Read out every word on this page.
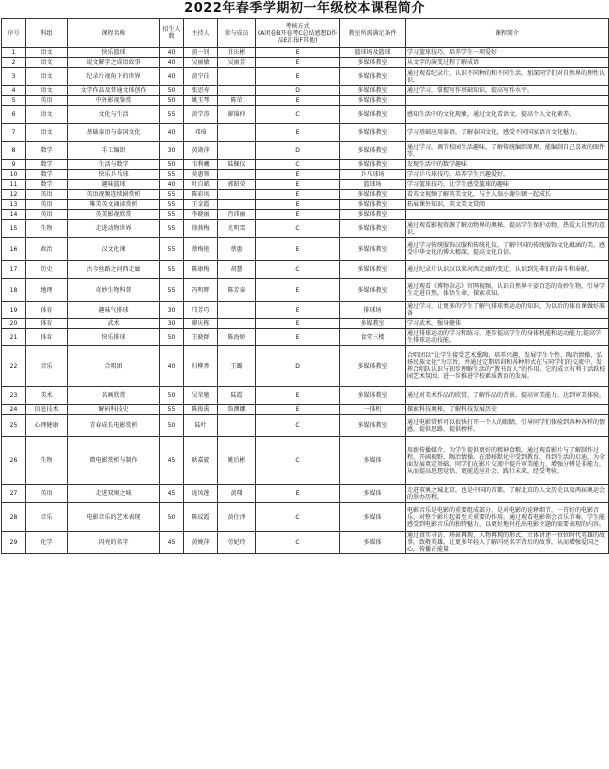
2022年春季学期初一年级校本课程简介
序号	科组	课程名称	招生人数	主持人	参与成员	考核方式
(A闭卷B开卷考C总结感想D作品E汇报F其他)	教室所需满足条件	课程简介
1	语文	快乐篮球	40	黄一钊	甘庆彬	E	篮球场及篮球	学习篮球技巧，培养学生一项爱好
2	语文	说文解字之成语故事	40	吴丽敏	吴丽芳	E	多媒体教室	从文字的演变过程了解成语
3	语文	纪录片视角下的世界	40	黄宁佳		E	多媒体教室	通过观看纪录片，认识不同种的和不同生活，加深同学们对自然界的理性认识。
4	语文	文学作品及普通文体创作	50	张思寿		D	多媒体教室	通过学习，掌握写作基础知识，提高写作水平。
5	英语	中外影视鉴赏	50	姚玉琴	陈荣	E	多媒体教室	
6	语文	文化与生活	55	黄学涛	廖锦仲	C	多媒体教室	感知生活中的文化现象，通过文化看语文，提高个人文化素养。
7	语文	基础泰语与泰国文化	40	邓琦		E	多媒体教室	学习基础应用泰语，了解泰国文化，感受不同国家语言文化魅力。
8	数学	手工编织	30	黄勋萍		D	多媒体教室	通过学习，调节校园生活趣味，了解传统编织原理，能编制自己喜欢的图件等。
9	数学	生活与数学	50	韦利曦	陆佩仪	C	多媒体教室	发现生活中的数学趣味
10	数学	快乐乒乓球	55	莫惠领		E	乒乓球场	学习乒乓球技巧，培养学生兴趣爱好。
11	数学	趣味篮球	40	叶自斌	郭昭荣	E	篮球场	学习篮球技巧，让学生感受篮球的趣味
12	英语	英语视频连续剧赏析	55	陈彩凤		E	多媒体教室	看英文视频了解英美文化，与主人翁小谢尔顿一起成长
13	英语	唯美英文诵读赏析	55	王金霞		E	多媒体教室	拓展课外知识，英文美文赏阅
14	英语	英美影视欣赏	55	李晓丽	肖沛丽	E	多媒体教室	
15	生物	走进动物世界	55	徐燕梅	尤明雪	C	多媒体教室	通过观看影视资源了解动物界的奥秘，提高学生保护动物、热爱大自然的意识。
16	政治	汉文化课	55	蔡梅艳	蔡惠	E	多媒体教室	通过学习传统服饰汉服和传统礼仪，了解中国的传统服饰文化蕴涵的美，感受中华文化的博大精深，提高文化自信。
17	历史	古今丝路之河西走廊	55	陈康梅	胡慧	C	多媒体教室	通过纪录片认识汉以来河西走廊的变迁，认识到先辈们的奋斗和奉献。
18	地理	奇妙生物科普	55	冯明辉	陈芳泰	E	多媒体教室	通过观看《博物杂志》官网视频，认识自然界千姿百态的奇妙生物，引导学生走进自然，体悟生命，探索求知。
19	体育	趣味气排球	30	邝芳巧		E	排球场	通过学习，让更多的学生了解气排球类运动的知识，为以后的体育课做好准备
20	体育	武术	30	廖庆栋		E	多媒教室	学习武术，强身健体
21	体育	快乐排球	50	王晓群	陈海娇	E	食堂三楼	通过排球运动的学习和练习，逐步提高学生的身体机能和运动能力;提高学生排球运动技能。
22	音乐	合唱团	40	归柳香	王璐	D	多媒体教室	合唱团以“让学生接受艺术熏陶，培养兴趣，发展学生个性，陶冶情操，弘扬民族文化”为宗旨，并通过定期培训和各种形式在与同学们的交流中，发挥合唱队认识与初步理解生活的“教书育人”的作用。它的成立有利于活跃校园艺术氛围，进一步推进学校素质教育的发展。
23	美术	名画欣赏	50	吴荣驰	陆霞	E	多媒体教室	通过对美术作品的欣赏，了解作品的背景，提高审美能力，达到审美体验。
24	信息技术	解码科技史	55	陈俊禹	詹濒娜	E	一体机	探索科技奥秘，了解科技发展历史
25	心理健康	青春成长电影赏析	50	陆叶		C	多媒体教室	通过电影赏析可以很快打开一个人的眼睛，引导同学们体验到各种各样的情感，提供思路，提供榜样。
26	生物	微电影赏析与制作	45	耿嘉旋	姚后彬	C	多媒体	用新传播媒介，为学生提供更好的精神食粮，通过观看影片与了解制作过程，开阔视野，陶冶情操。在潜移默化中受到教育，得到生活的启迪，为全面发展奠定基础。同学们在影片交流中提升审美能力，增强分辨是非能力，从而提高思想觉悟，更能适应社会，践行未来，经受考验。
27	英语	走进双奥之城	45	庞凤莲	黄翔	E	多媒体	走进双奥之城北京，也是中国的首都，了解北京的人文历史以及两届奥运会的举办历程。
28	音乐	电影音乐的艺术表现	50	陈玟霞	黄仕泽	C	多媒体	电影音乐是电影的重要组成部分，是对电影的诠释细节，一首好的电影音乐，对整个影片起着至关重要的作用。通过观看电影领会音乐节奏，学生能感受到电影音乐的独特魅力，以更好地衬托出电影主题的需要表现的内容。
29	化学	闪亮的名字	45	黄婉萍	劳妃玲	C	多媒体	通过真实寻访、场景再现、人物再现的形式，立体讲述一位位时代英雄的故事，致敬英雄，让更多年轻人了解闪亮名字背后的故事，从而增强爱国之心，传播正能量
